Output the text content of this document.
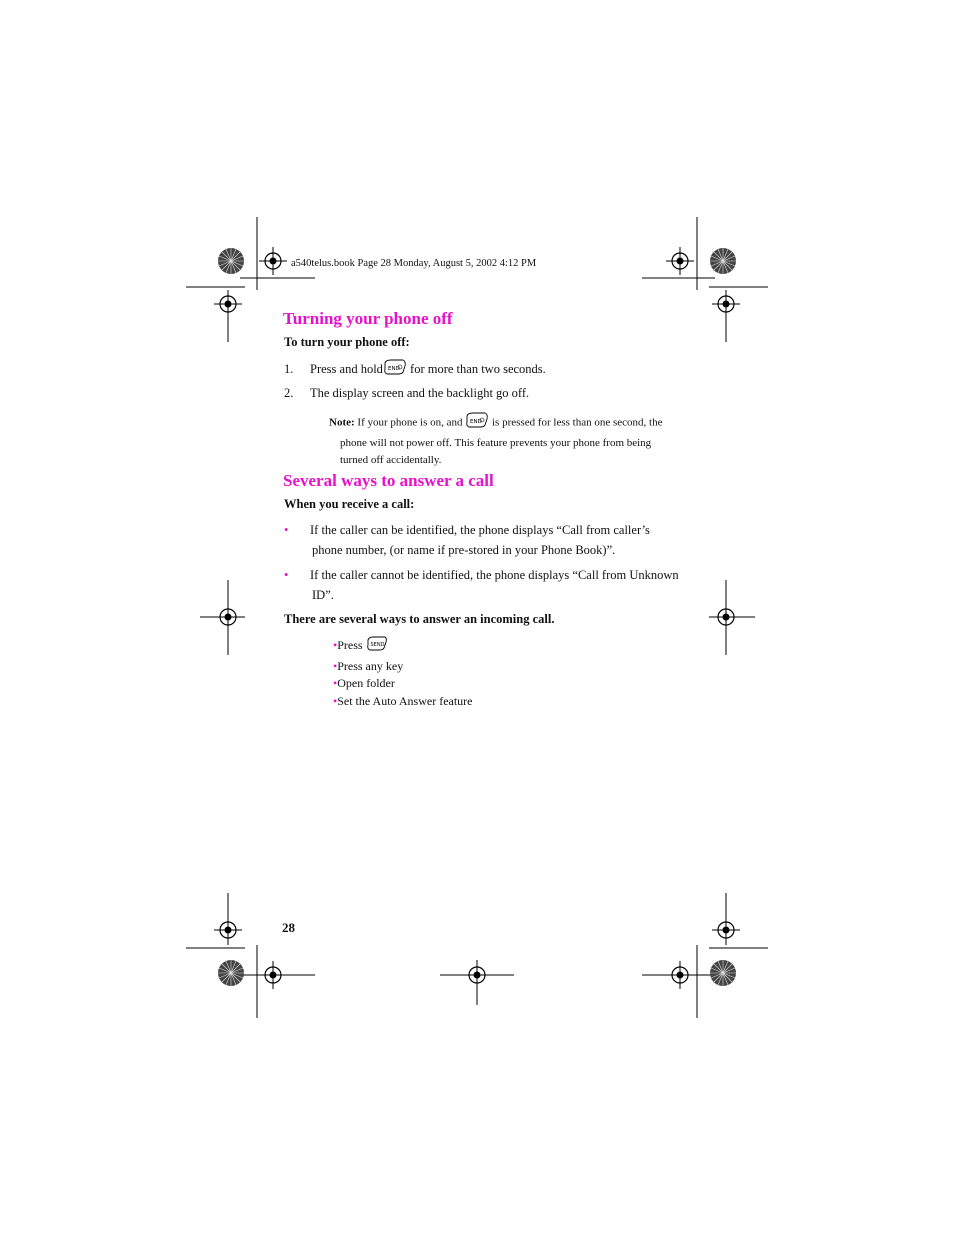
a540telus.book Page 28 Monday, August 5, 2002 4:12 PM
Turning your phone off
To turn your phone off:
1. Press and hold END for more than two seconds.
2. The display screen and the backlight go off.
Note: If your phone is on, and END is pressed for less than one second, the
phone will not power off. This feature prevents your phone from being
turned off accidentally.
Several ways to answer a call
When you receive a call:
• If the caller can be identified, the phone displays “Call from caller’s
phone number, (or name if pre-stored in your Phone Book)”.
• If the caller cannot be identified, the phone displays “Call from Unknown
ID”.
There are several ways to answer an incoming call.
•Press SEND
•Press any key
•Open folder
•Set the Auto Answer feature
28
